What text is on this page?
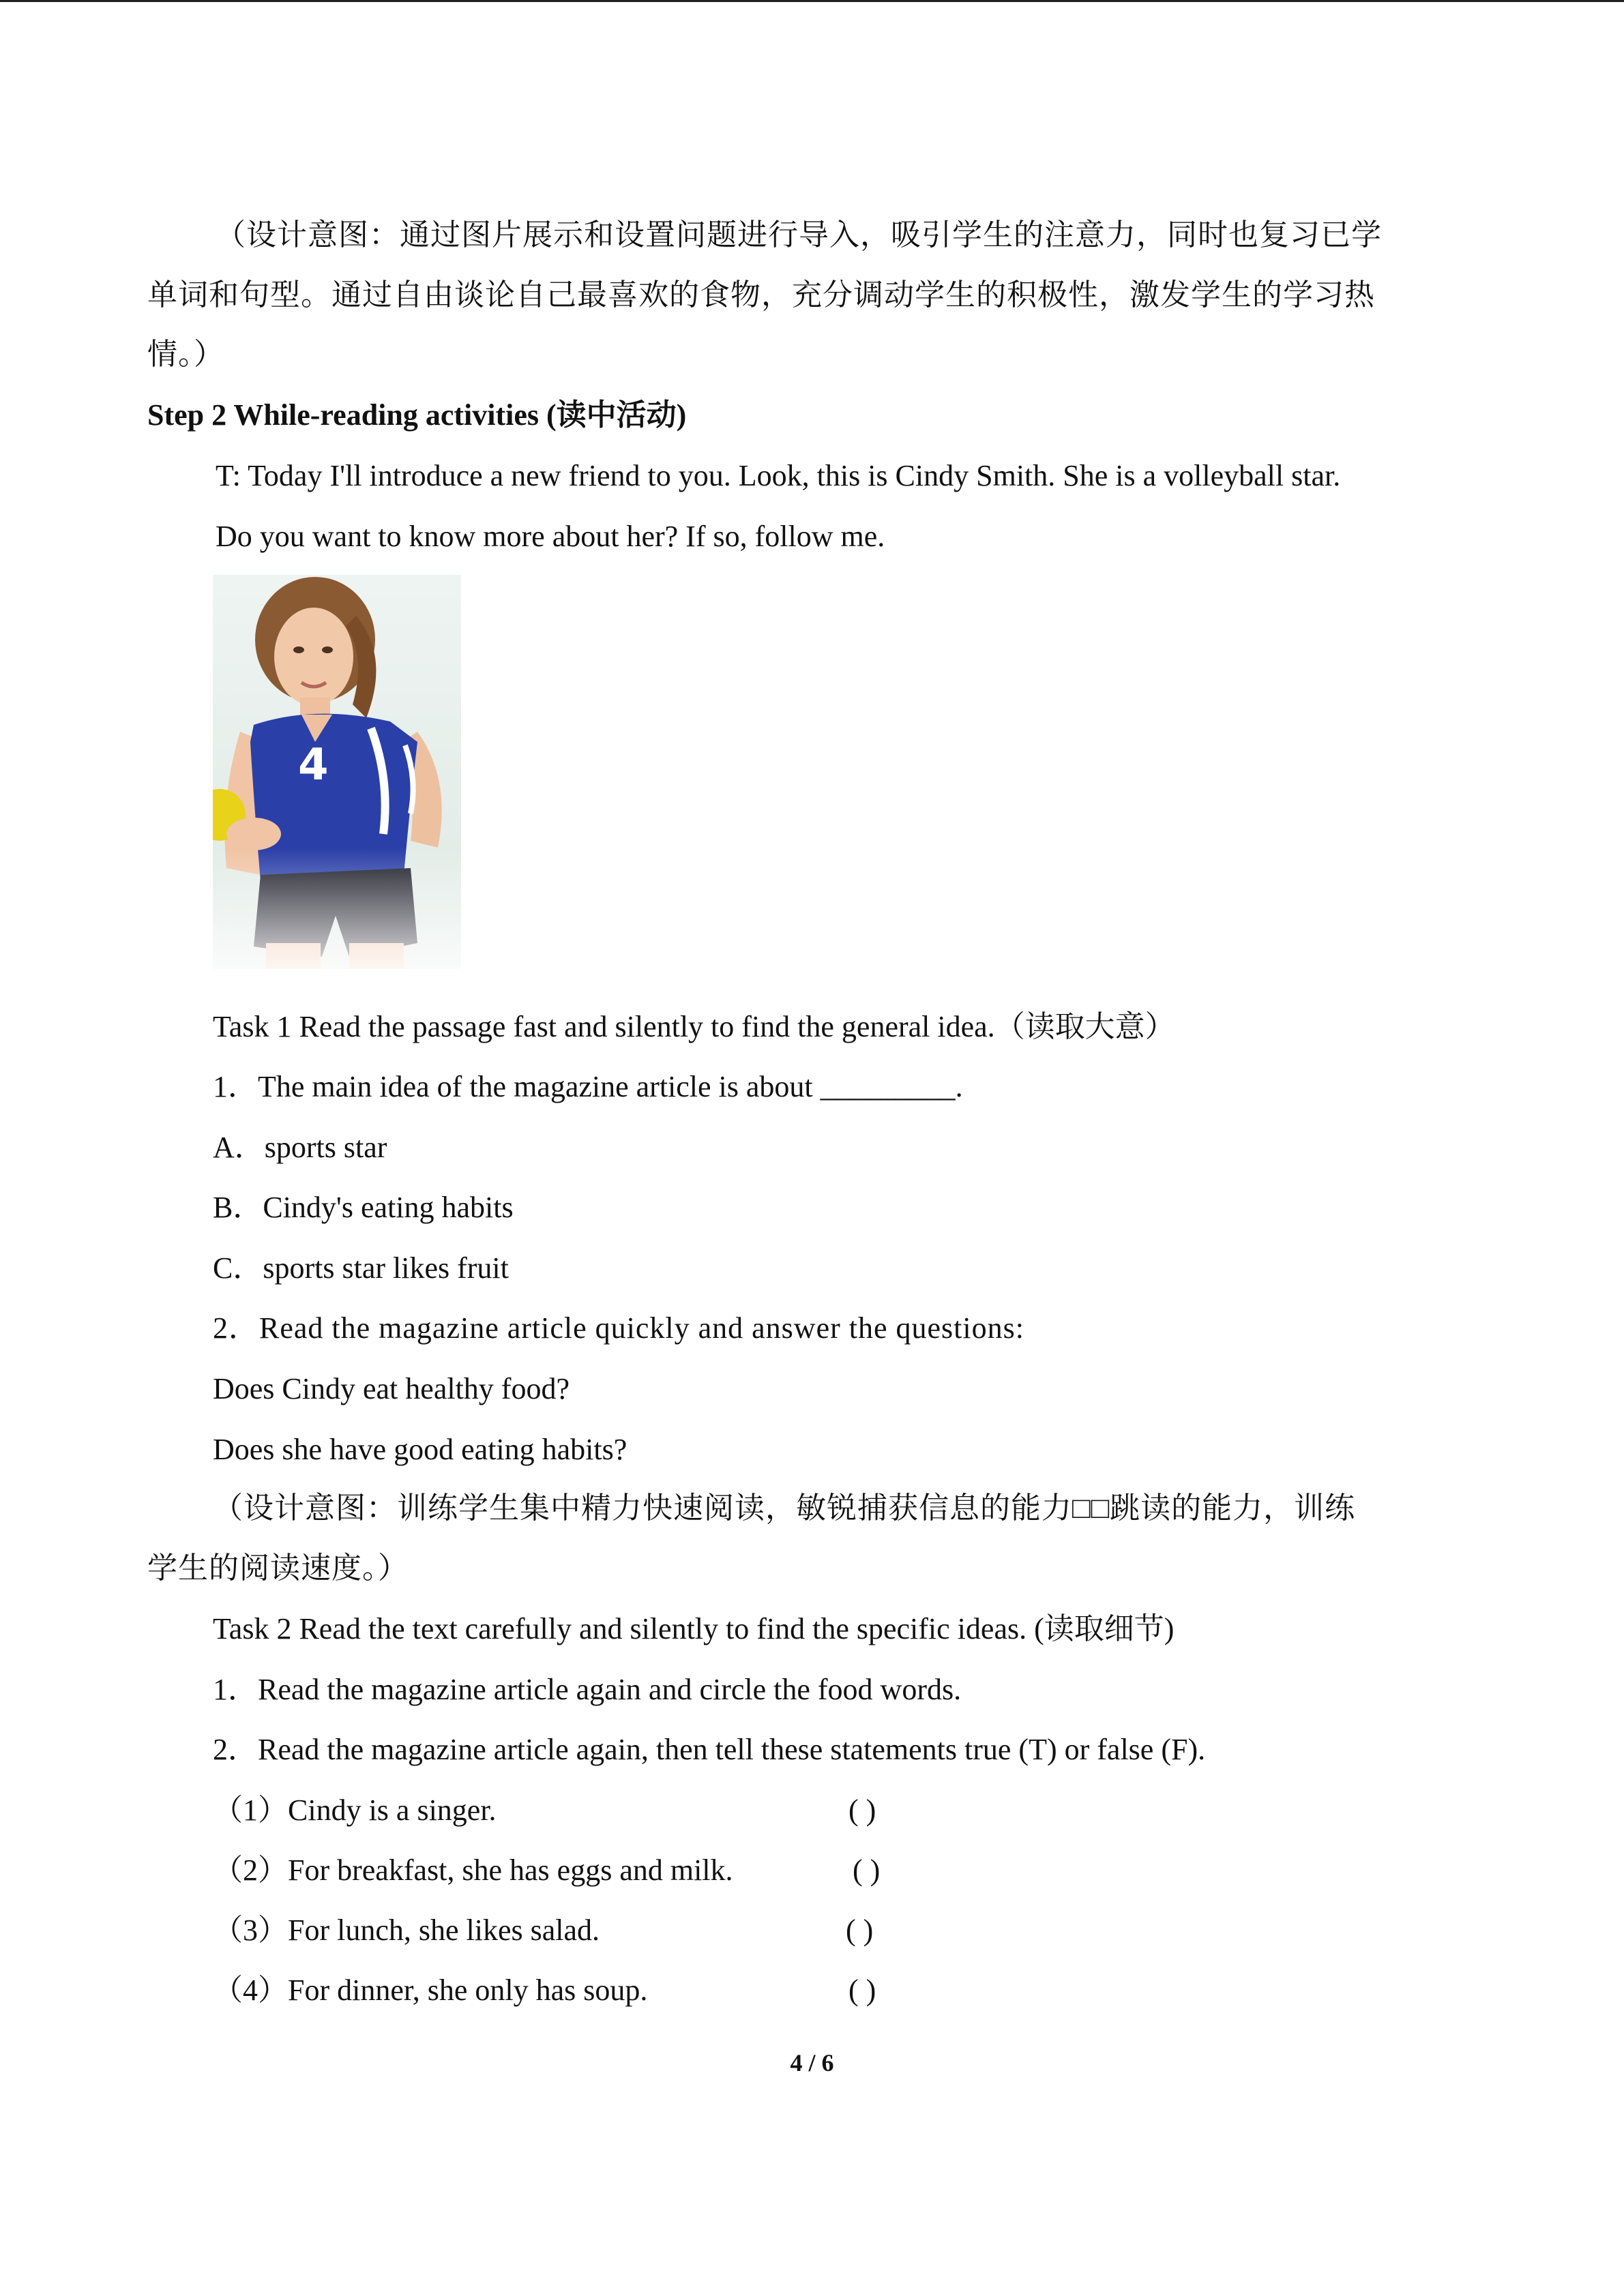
（设计意图：通过图片展示和设置问题进行导入，吸引学生的注意力，同时也复习已学
单词和句型。通过自由谈论自己最喜欢的食物，充分调动学生的积极性，激发学生的学习热
情。）
Step 2 While-reading activities (读中活动)
T: Today I'll introduce a new friend to you. Look, this is Cindy Smith. She is a volleyball star.
Do you want to know more about her? If so, follow me.
4
Task 1 Read the passage fast and silently to find the general idea.（读取大意）
1．The main idea of the magazine article is about _________.
A．sports star
B．Cindy's eating habits
C．sports star likes fruit
2．Read the magazine article quickly and answer the questions:
Does Cindy eat healthy food?
Does she have good eating habits?
（设计意图：训练学生集中精力快速阅读，敏锐捕获信息的能力□□跳读的能力，训练
学生的阅读速度。）
Task 2 Read the text carefully and silently to find the specific ideas. (读取细节)
1．Read the magazine article again and circle the food words.
2．Read the magazine article again, then tell these statements true (T) or false (F).
（1）Cindy is a singer.	( )
（2）For breakfast, she has eggs and milk.	( )
（3）For lunch, she likes salad.	( )
（4）For dinner, she only has soup.	( )
4 / 6
